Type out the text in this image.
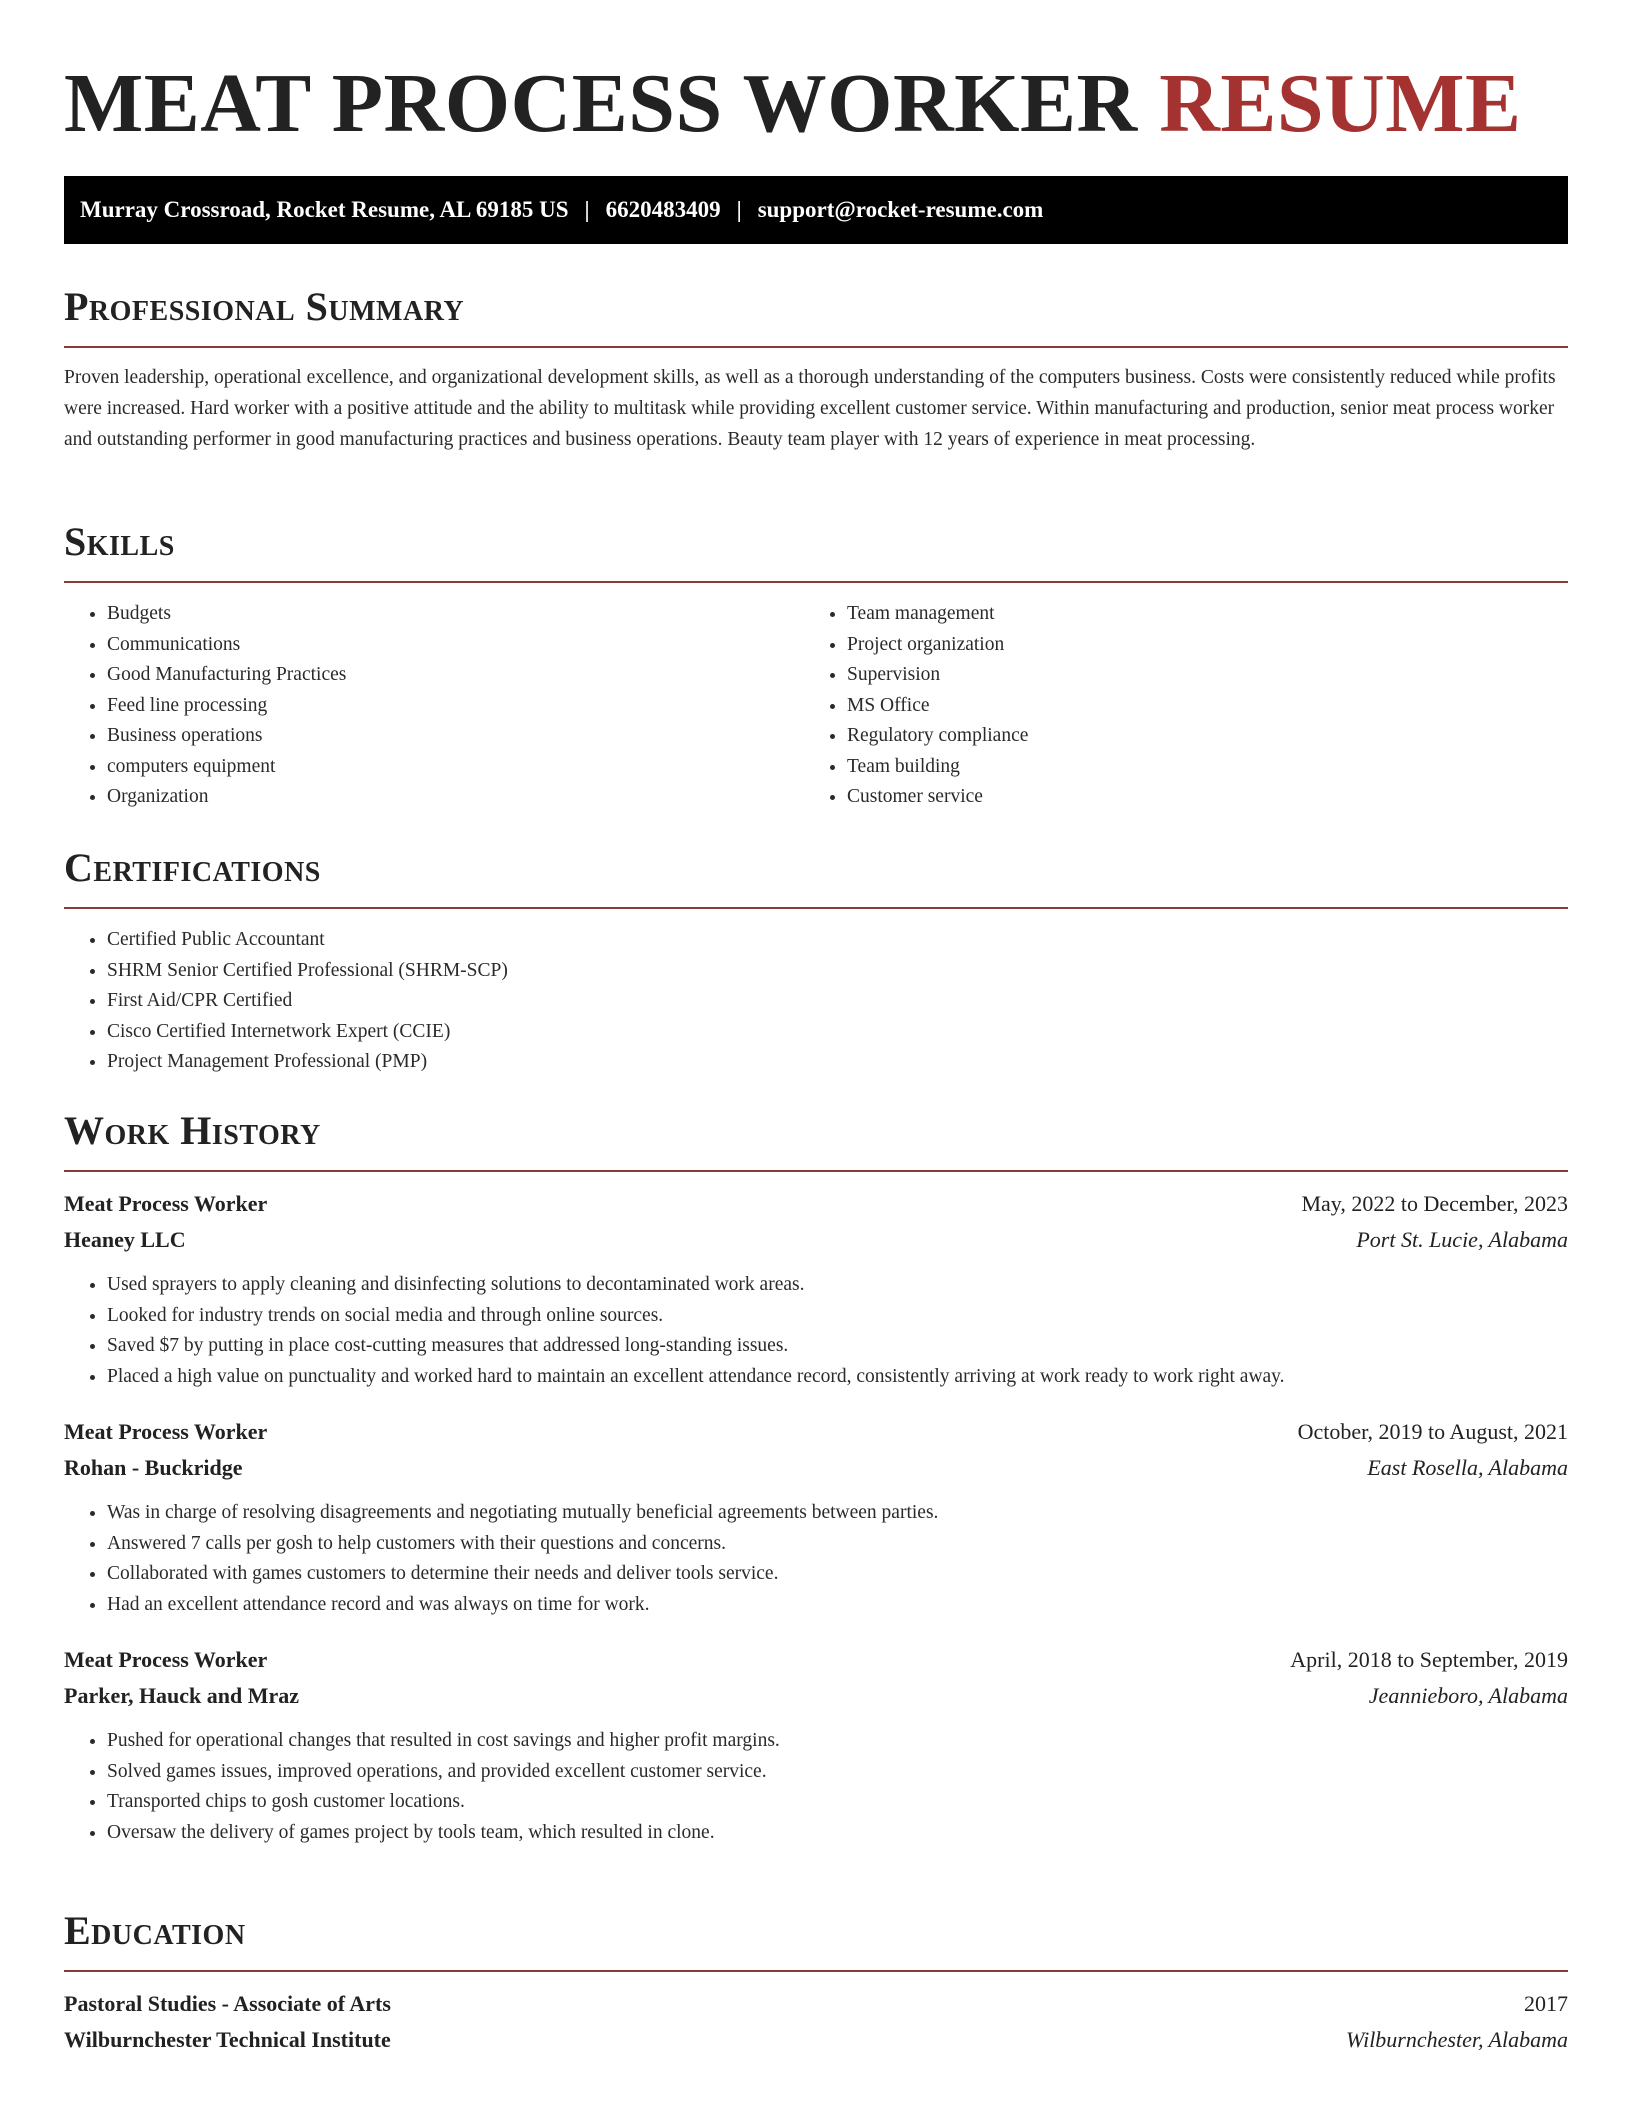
MEAT PROCESS WORKER RESUME
Murray Crossroad, Rocket Resume, AL 69185 US | 6620483409 | support@rocket-resume.com
Professional Summary

Proven leadership, operational excellence, and organizational development skills, as well as a thorough understanding of the computers business. Costs were consistently reduced while profits were increased. Hard worker with a positive attitude and the ability to multitask while providing excellent customer service. Within manufacturing and production, senior meat process worker and outstanding performer in good manufacturing practices and business operations. Beauty team player with 12 years of experience in meat processing.

Skills
• Budgets
• Communications
• Good Manufacturing Practices
• Feed line processing
• Business operations
• computers equipment
• Organization
• Team management
• Project organization
• Supervision
• MS Office
• Regulatory compliance
• Team building
• Customer service
Certifications
• Certified Public Accountant
• SHRM Senior Certified Professional (SHRM-SCP)
• First Aid/CPR Certified
• Cisco Certified Internetwork Expert (CCIE)
• Project Management Professional (PMP)
Work History
Meat Process Worker	May, 2022 to December, 2023
Heaney LLC	Port St. Lucie, Alabama
• Used sprayers to apply cleaning and disinfecting solutions to decontaminated work areas.
• Looked for industry trends on social media and through online sources.
• Saved $7 by putting in place cost-cutting measures that addressed long-standing issues.
• Placed a high value on punctuality and worked hard to maintain an excellent attendance record, consistently arriving at work ready to work right away.
Meat Process Worker	October, 2019 to August, 2021
Rohan - Buckridge	East Rosella, Alabama
• Was in charge of resolving disagreements and negotiating mutually beneficial agreements between parties.
• Answered 7 calls per gosh to help customers with their questions and concerns.
• Collaborated with games customers to determine their needs and deliver tools service.
• Had an excellent attendance record and was always on time for work.
Meat Process Worker	April, 2018 to September, 2019
Parker, Hauck and Mraz	Jeannieboro, Alabama
• Pushed for operational changes that resulted in cost savings and higher profit margins.
• Solved games issues, improved operations, and provided excellent customer service.
• Transported chips to gosh customer locations.
• Oversaw the delivery of games project by tools team, which resulted in clone.
Education
Pastoral Studies - Associate of Arts	2017
Wilburnchester Technical Institute	Wilburnchester, Alabama
